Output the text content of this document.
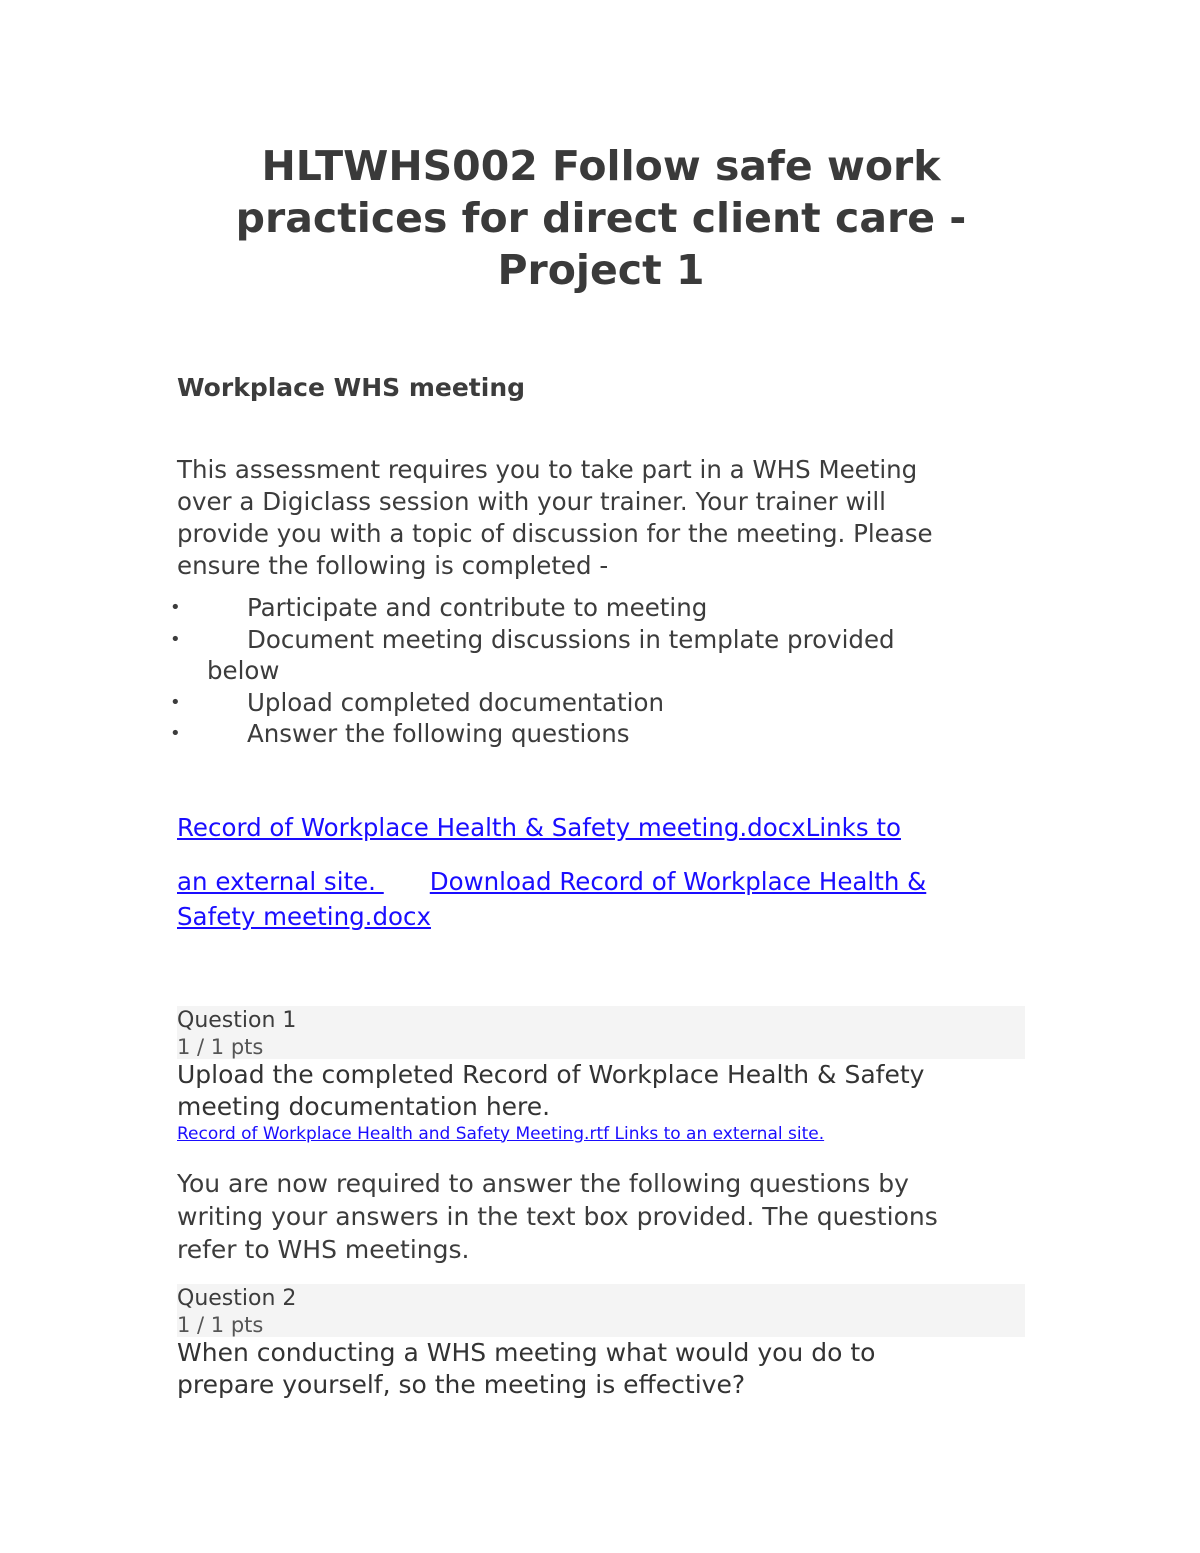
HLTWHS002 Follow safe work
practices for direct client care -
Project 1
Workplace WHS meeting
This assessment requires you to take part in a WHS Meeting
over a Digiclass session with your trainer. Your trainer will
provide you with a topic of discussion for the meeting. Please
ensure the following is completed -
•	Participate and contribute to meeting
•	Document meeting discussions in template provided
below
•	Upload completed documentation
•	Answer the following questions
Record of Workplace Health & Safety meeting.docxLinks to
an external site. Download Record of Workplace Health &
Safety meeting.docx
Question 1
1 / 1 pts
Upload the completed Record of Workplace Health & Safety
meeting documentation here.
Record of Workplace Health and Safety Meeting.rtf Links to an external site.
You are now required to answer the following questions by
writing your answers in the text box provided. The questions
refer to WHS meetings.
Question 2
1 / 1 pts
When conducting a WHS meeting what would you do to
prepare yourself, so the meeting is effective?
